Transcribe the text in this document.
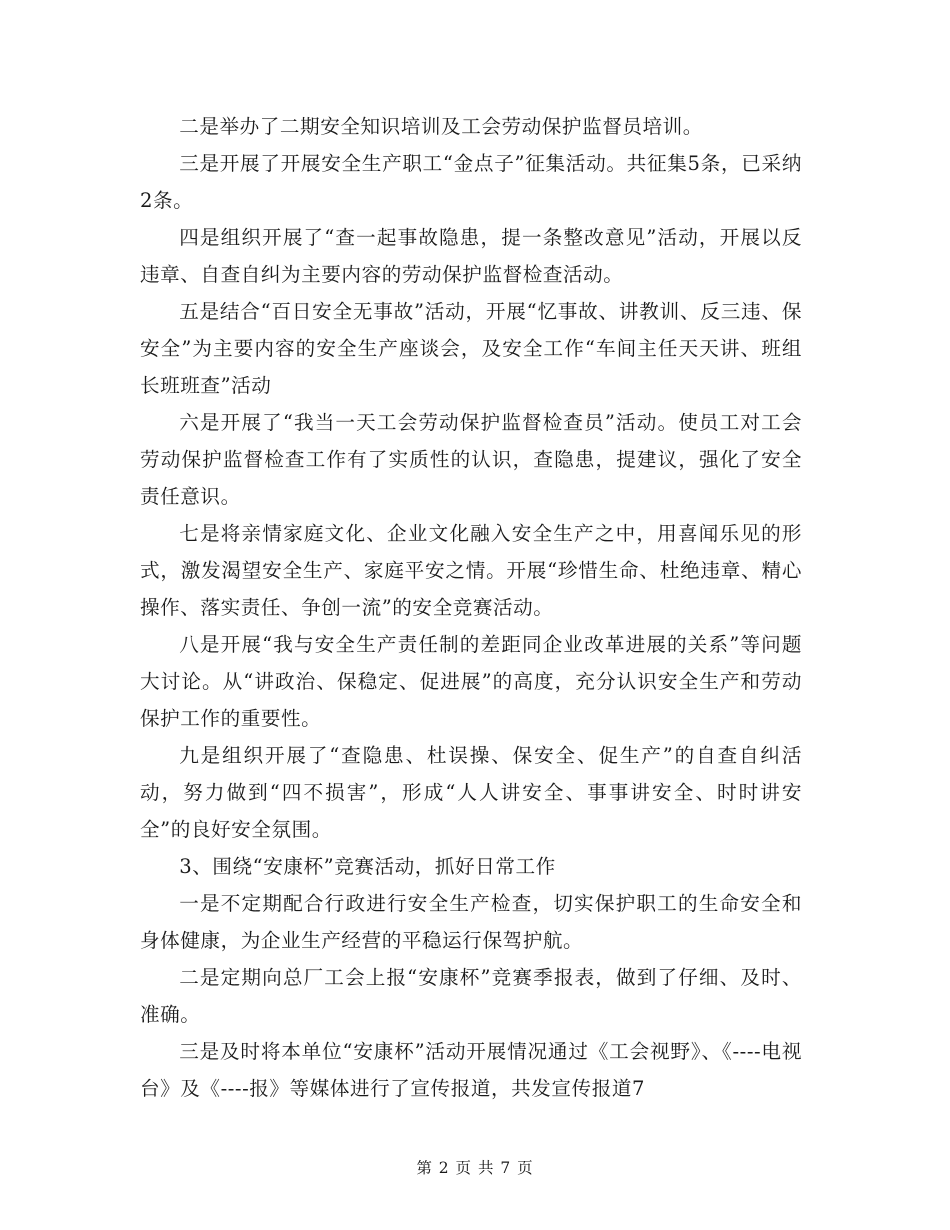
二是举办了二期安全知识培训及工会劳动保护监督员培训。

三是开展了开展安全生产职工“金点子”征集活动。共征集5条，已采纳2条。

四是组织开展了“查一起事故隐患，提一条整改意见”活动，开展以反违章、自查自纠为主要内容的劳动保护监督检查活动。

五是结合“百日安全无事故”活动，开展“忆事故、讲教训、反三违、保安全”为主要内容的安全生产座谈会，及安全工作“车间主任天天讲、班组长班班查”活动

六是开展了“我当一天工会劳动保护监督检查员”活动。使员工对工会劳动保护监督检查工作有了实质性的认识，查隐患，提建议，强化了安全责任意识。

七是将亲情家庭文化、企业文化融入安全生产之中，用喜闻乐见的形式，激发渴望安全生产、家庭平安之情。开展“珍惜生命、杜绝违章、精心操作、落实责任、争创一流”的安全竞赛活动。

八是开展“我与安全生产责任制的差距同企业改革进展的关系”等问题大讨论。从“讲政治、保稳定、促进展”的高度，充分认识安全生产和劳动保护工作的重要性。

九是组织开展了“查隐患、杜误操、保安全、促生产”的自查自纠活动，努力做到“四不损害”，形成“人人讲安全、事事讲安全、时时讲安全”的良好安全氛围。

3、围绕“安康杯”竞赛活动，抓好日常工作

一是不定期配合行政进行安全生产检查，切实保护职工的生命安全和身体健康，为企业生产经营的平稳运行保驾护航。

二是定期向总厂工会上报“安康杯”竞赛季报表，做到了仔细、及时、准确。

三是及时将本单位“安康杯”活动开展情况通过《工会视野》、《----电视台》及《----报》等媒体进行了宣传报道，共发宣传报道7

第 2 页 共 7 页
